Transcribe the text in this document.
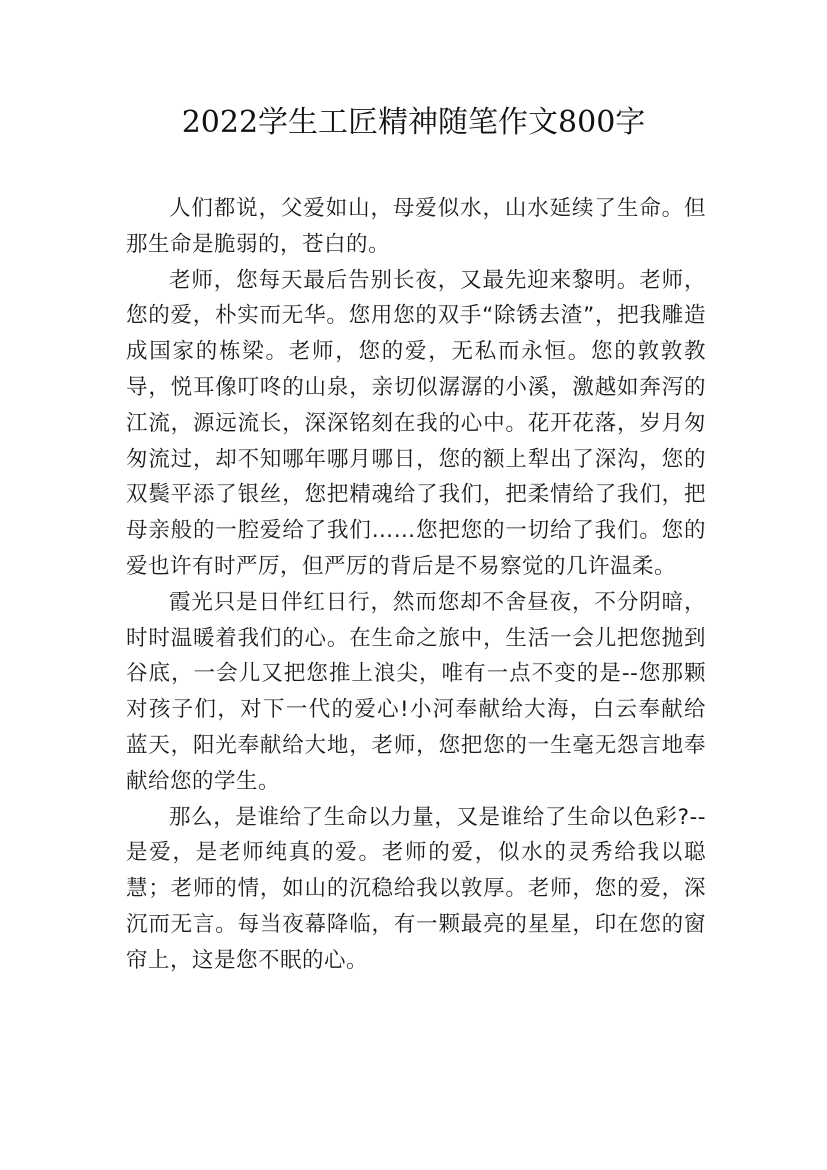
2022学生工匠精神随笔作文800字

人们都说，父爱如山，母爱似水，山水延续了生命。但那生命是脆弱的，苍白的。

老师，您每天最后告别长夜，又最先迎来黎明。老师，您的爱，朴实而无华。您用您的双手“除锈去渣”，把我雕造成国家的栋梁。老师，您的爱，无私而永恒。您的敦敦教导，悦耳像叮咚的山泉，亲切似潺潺的小溪，激越如奔泻的江流，源远流长，深深铭刻在我的心中。花开花落，岁月匆匆流过，却不知哪年哪月哪日，您的额上犁出了深沟，您的双鬓平添了银丝，您把精魂给了我们，把柔情给了我们，把母亲般的一腔爱给了我们……您把您的一切给了我们。您的爱也许有时严厉，但严厉的背后是不易察觉的几许温柔。

霞光只是日伴红日行，然而您却不舍昼夜，不分阴暗，时时温暖着我们的心。在生命之旅中，生活一会儿把您抛到谷底，一会儿又把您推上浪尖，唯有一点不变的是--您那颗对孩子们，对下一代的爱心!小河奉献给大海，白云奉献给蓝天，阳光奉献给大地，老师，您把您的一生毫无怨言地奉献给您的学生。

那么，是谁给了生命以力量，又是谁给了生命以色彩?--是爱，是老师纯真的爱。老师的爱，似水的灵秀给我以聪慧；老师的情，如山的沉稳给我以敦厚。老师，您的爱，深沉而无言。每当夜幕降临，有一颗最亮的星星，印在您的窗帘上，这是您不眠的心。
